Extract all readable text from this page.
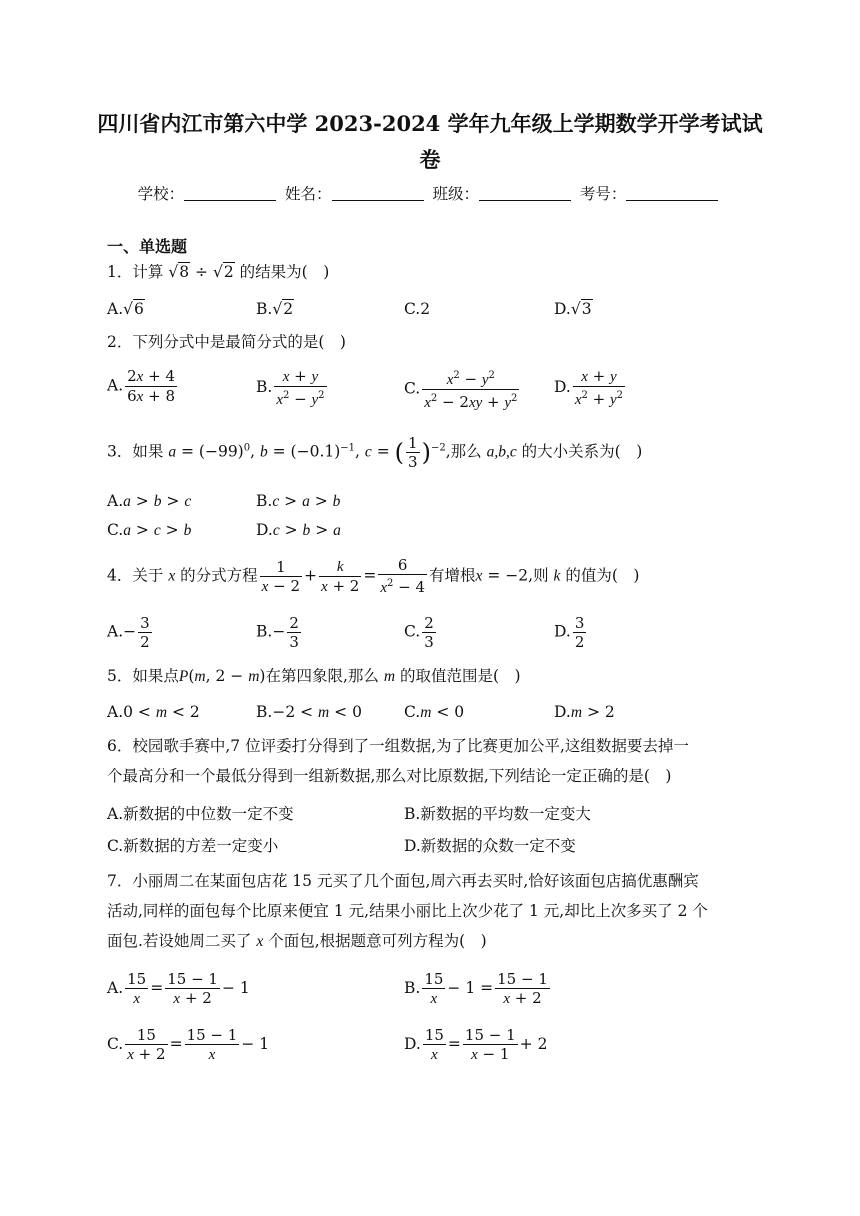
四川省内江市第六中学 2023-2024 学年九年级上学期数学开学考试试
卷
学校：	姓名：	班级：	考号：
一、单选题
1．计算 √8 ÷ √2 的结果为(　)
A.√6	B.√2	C.2	D.√3
2．下列分式中是最简分式的是(　)
A. $\frac{2x + 4}{6x + 8}$	B. $\frac{x + y}{x^2 - y^2}$	C. $\frac{x^2 - y^2}{x^2 - 2xy + y^2} D$. $\frac{x + y}{x^2 + y^2}$
3．如果 $a = (-99)^0$, $b = (-0.1)^{-1}$, c = ( $\frac{1}{3} )^{-2}$,那么 a,b,c 的大小关系为(　)
A.a > b > c	B.c > a > b
C.a > c > b	D.c > b > a
4．关于 x 的分式方程 $\frac{1}{x - 2} + \frac{k}{x + 2} = \frac{6}{x^2 - 4}$ 有增根x = −2,则 k 的值为(　)
$A.- \frac{3}{2}$	$B.- \frac{2}{3}$	C. $\frac{2}{3}$	D. $\frac{3}{2}$
5．如果点P(m, 2 − m)在第四象限,那么 m 的取值范围是(　)
A.0 < m < 2	B.−2 < m < 0	C.m < 0	D.m > 2
6．校园歌手赛中,7 位评委打分得到了一组数据,为了比赛更加公平,这组数据要去掉一
个最高分和一个最低分得到一组新数据,那么对比原数据,下列结论一定正确的是(　)
A.新数据的中位数一定不变	B.新数据的平均数一定变大
C.新数据的方差一定变小	D.新数据的众数一定不变
7．小丽周二在某面包店花 15 元买了几个面包,周六再去买时,恰好该面包店搞优惠酬宾
活动,同样的面包每个比原来便宜 1 元,结果小丽比上次少花了 1 元,却比上次多买了 2 个
面包.若设她周二买了 x 个面包,根据题意可列方程为(　)
A. $\frac{15}{x} = \frac{15 - 1}{x + 2} - 1$	B. $\frac{15}{x} - 1 = \frac{15 - 1}{x + 2}$
C. $\frac{15}{x + 2} = \frac{15 - 1}{x} - 1$	D. $\frac{15}{x} = \frac{15 - 1}{x - 1} + 2$
